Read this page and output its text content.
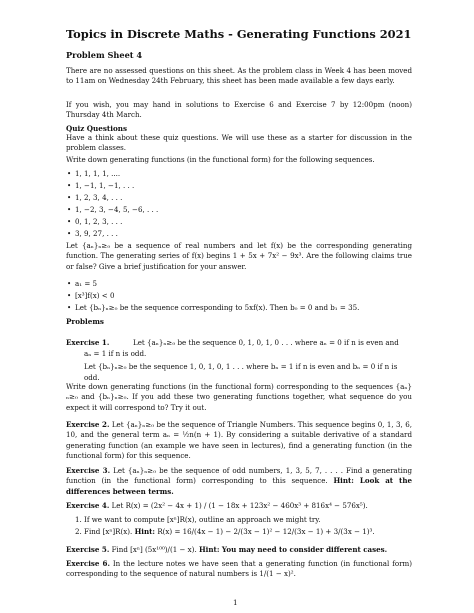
Topics in Discrete Maths - Generating Functions 2021
Problem Sheet 4
There are no assessed questions on this sheet. As the problem class in Week 4 has been moved to 11am on Wednesday 24th February, this sheet has been made available a few days early.
If you wish, you may hand in solutions to Exercise 6 and Exercise 7 by 12:00pm (noon) Thursday 4th March.
Quiz Questions
Have a think about these quiz questions. We will use these as a starter for discussion in the problem classes.
Write down generating functions (in the functional form) for the following sequences.
• 1, 1, 1, 1, ....
• 1, −1, 1, −1, . . .
• 1, 2, 3, 4, . . .
• 1, −2, 3, −4, 5, −6, . . .
• 0, 1, 2, 3, . . .
• 3, 9, 27, . . .
Let {aₙ}ₙ≥₀ be a sequence of real numbers and let f(x) be the corresponding generating function. The generating series of f(x) begins 1 + 5x + 7x² − 9x³. Are the following claims true or false? Give a brief justification for your answer.
• a₁ = 5
• [x³]f(x) < 0
• Let {bₙ}ₙ≥₀ be the sequence corresponding to 5xf(x). Then b₀ = 0 and b₁ = 35.
Problems
Exercise 1.	Let {aₙ}ₙ≥₀ be the sequence 0, 1, 0, 1, 0 . . . where aₙ = 0 if n is even and
aₙ = 1 if n is odd.
Let {bₙ}ₙ≥₀ be the sequence 1, 0, 1, 0, 1 . . . where bₙ = 1 if n is even and bₙ = 0 if n is
odd.
Write down generating functions (in the functional form) corresponding to the sequences {aₙ}ₙ≥₀ and {bₙ}ₙ≥₀. If you add these two generating functions together, what sequence do you expect it will correspond to? Try it out.
Exercise 2. Let {aₙ}ₙ≥₀ be the sequence of Triangle Numbers. This sequence begins 0, 1, 3, 6, 10, and the general term aₙ = ½n(n + 1). By considering a suitable derivative of a standard generating function (an example we have seen in lectures), find a generating function (in the functional form) for this sequence.
Exercise 3. Let {aₙ}ₙ≥₀ be the sequence of odd numbers, 1, 3, 5, 7, . . . . Find a generating function (in the functional form) corresponding to this sequence. Hint: Look at the differences between terms.
Exercise 4. Let R(x) = (2x² − 4x + 1) / (1 − 18x + 123x² − 460x³ + 816x⁴ − 576x⁵).
1. If we want to compute [xⁿ]R(x), outline an approach we might try.
2. Find [xⁿ]R(x). Hint: R(x) = 16/(4x − 1) − 2/(3x − 1)² − 12/(3x − 1) + 3/(3x − 1)³.
Exercise 5. Find [xⁿ] (5x¹⁰⁰)/(1 − x). Hint: You may need to consider different cases.
Exercise 6. In the lecture notes we have seen that a generating function (in functional form) corresponding to the sequence of natural numbers is 1/(1 − x)².
1
